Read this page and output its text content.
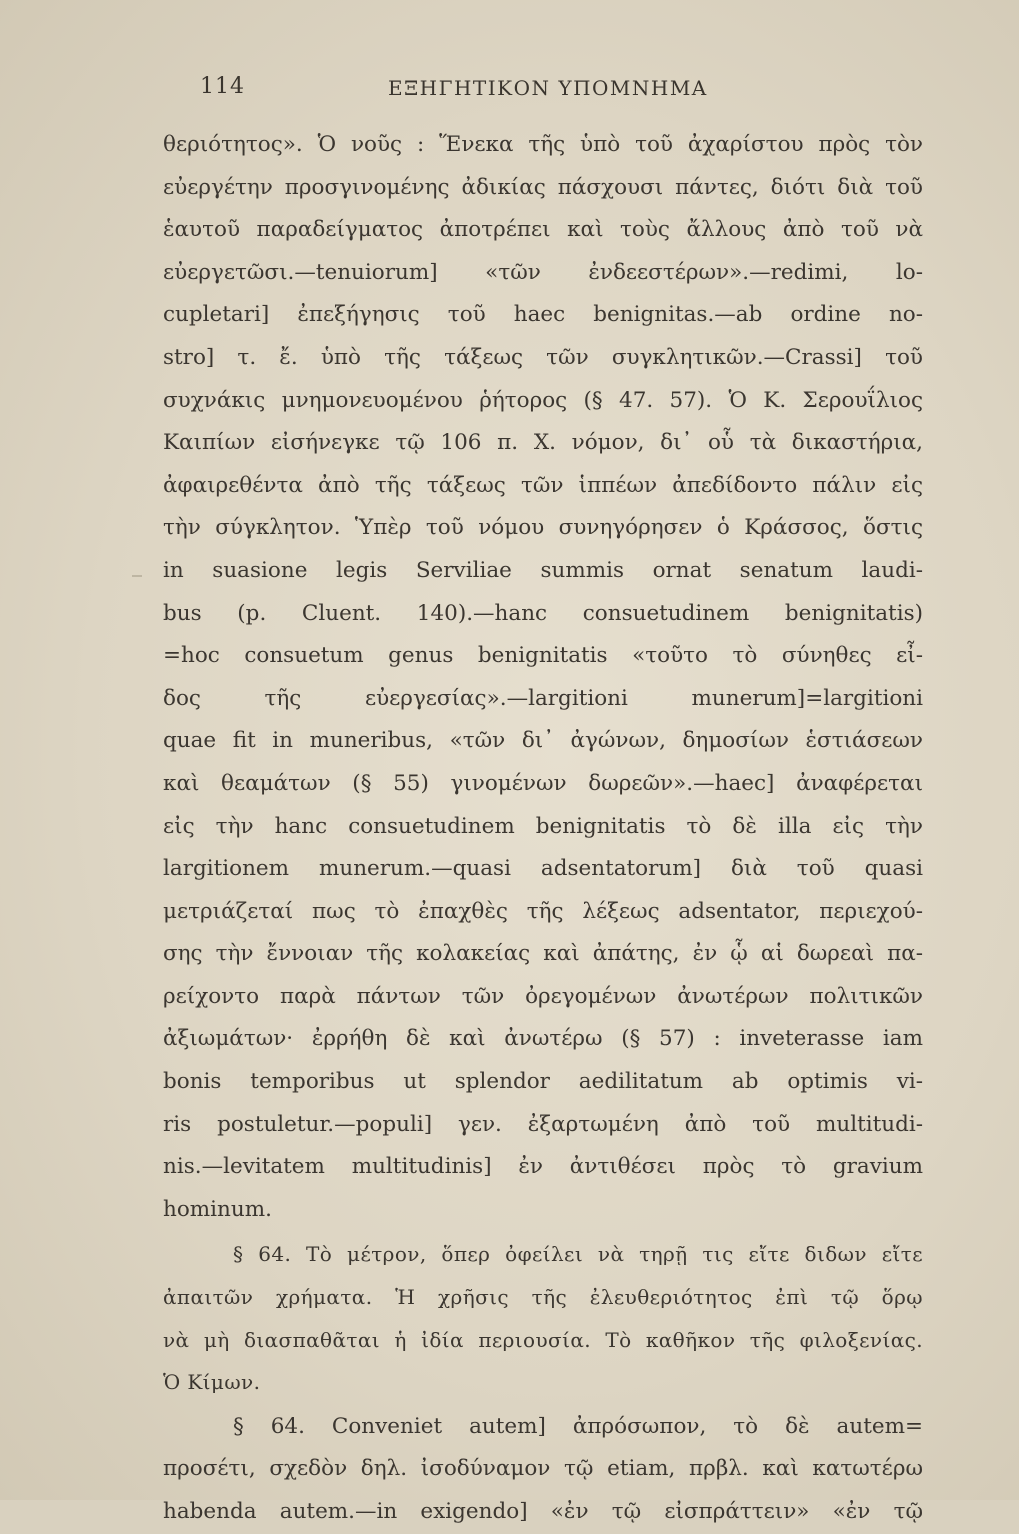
114	ΕΞΗΓΗΤΙΚΟΝ ΥΠΟΜΝΗΜΑ
θεριότητος». Ὁ νοῦς : Ἕνεκα τῆς ὑπὸ τοῦ ἀχαρίστου πρὸς τὸν
εὐεργέτην προσγινομένης ἀδικίας πάσχουσι πάντες, διότι διὰ τοῦ
ἑαυτοῦ παραδείγματος ἀποτρέπει καὶ τοὺς ἄλλους ἀπὸ τοῦ νὰ
εὐεργετῶσι.—tenuiorum] «τῶν ἐνδεεστέρων».—redimi, lo-
cupletari] ἐπεξήγησις τοῦ haec benignitas.—ab ordine no-
stro] τ. ἔ. ὑπὸ τῆς τάξεως τῶν συγκλητικῶν.—Crassi] τοῦ
συχνάκις μνημονευομένου ῥήτορος (§ 47. 57). Ὁ Κ. Σερουΐλιος
Καιπίων εἰσήνεγκε τῷ 106 π. Χ. νόμον, δι᾽ οὗ τὰ δικαστήρια,
ἀφαιρεθέντα ἀπὸ τῆς τάξεως τῶν ἱππέων ἀπεδίδοντο πάλιν εἰς
τὴν σύγκλητον. Ὑπὲρ τοῦ νόμου συνηγόρησεν ὁ Κράσσος, ὅστις
in suasione legis Serviliae summis ornat senatum laudi-
bus (p. Cluent. 140).—hanc consuetudinem benignitatis)
=hoc consuetum genus benignitatis «τοῦτο τὸ σύνηθες εἶ-
δος τῆς εὐεργεσίας».—largitioni munerum]=largitioni
quae fit in muneribus, «τῶν δι᾽ ἀγώνων, δημοσίων ἑστιάσεων
καὶ θεαμάτων (§ 55) γινομένων δωρεῶν».—haec] ἀναφέρεται
εἰς τὴν hanc consuetudinem benignitatis τὸ δὲ illa εἰς τὴν
largitionem munerum.—quasi adsentatorum] διὰ τοῦ quasi
μετριάζεταί πως τὸ ἐπαχθὲς τῆς λέξεως adsentator, περιεχού-
σης τὴν ἔννοιαν τῆς κολακείας καὶ ἀπάτης, ἐν ᾧ αἱ δωρεαὶ πα-
ρείχοντο παρὰ πάντων τῶν ὀρεγομένων ἀνωτέρων πολιτικῶν
ἀξιωμάτων· ἐρρήθη δὲ καὶ ἀνωτέρω (§ 57) : inveterasse iam
bonis temporibus ut splendor aedilitatum ab optimis vi-
ris postuletur.—populi] γεν. ἐξαρτωμένη ἀπὸ τοῦ multitudi-
nis.—levitatem multitudinis] ἐν ἀντιθέσει πρὸς τὸ gravium
hominum.
§ 64. Τὸ μέτρον, ὅπερ ὀφείλει νὰ τηρῇ τις εἴτε διδων εἴτε
ἀπαιτῶν χρήματα. Ἡ χρῆσις τῆς ἐλευθεριότητος ἐπὶ τῷ ὅρῳ
νὰ μὴ διασπαθᾶται ἡ ἰδία περιουσία. Τὸ καθῆκον τῆς φιλοξενίας.
Ὁ Κίμων.
§ 64. Conveniet autem] ἀπρόσωπον, τὸ δὲ autem=
προσέτι, σχεδὸν δηλ. ἰσοδύναμον τῷ etiam, πρβλ. καὶ κατωτέρω
habenda autem.—in exigendo] «ἐν τῷ εἰσπράττειν» «ἐν τῷ
